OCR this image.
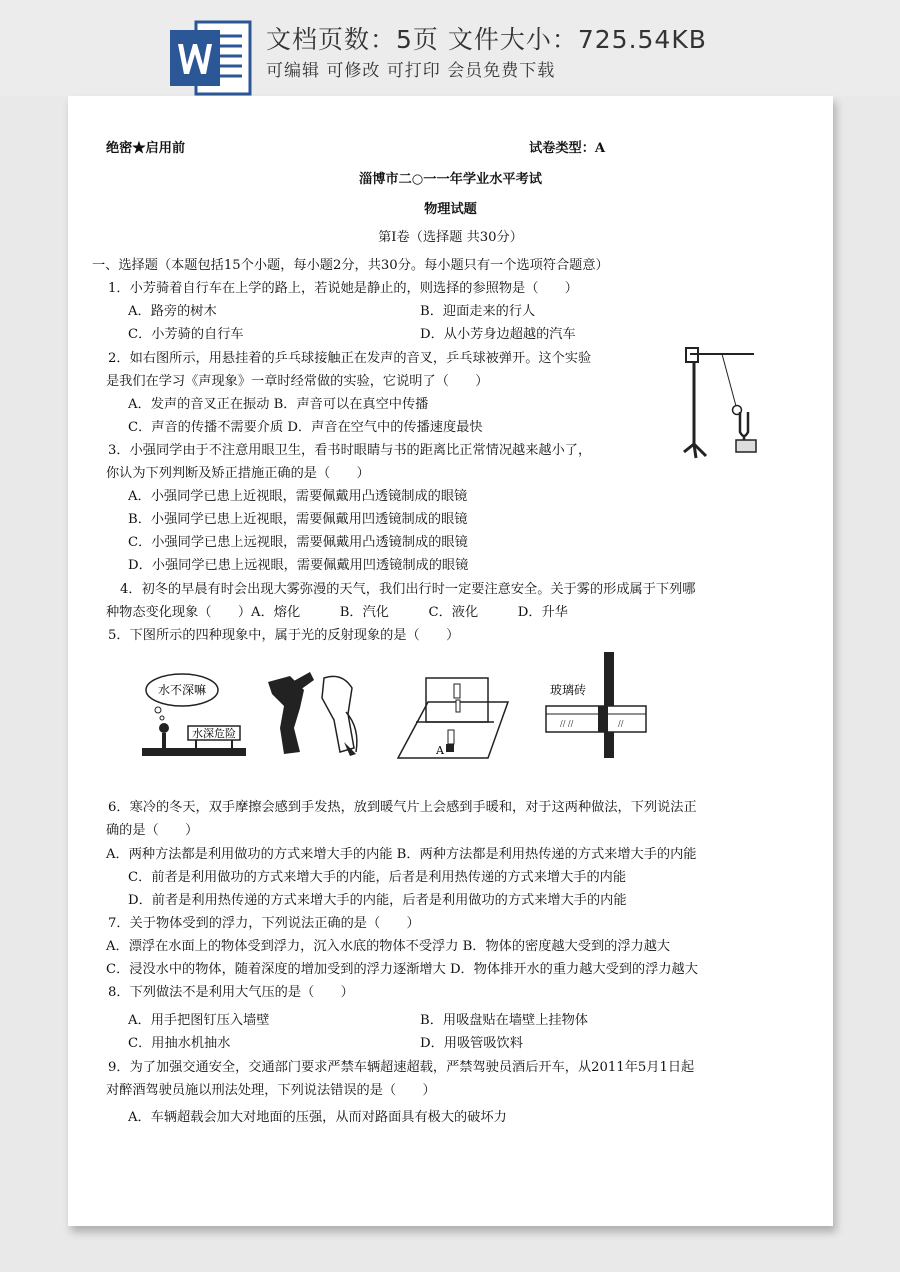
文档页数：5页 文件大小：725.54KB
可编辑 可修改 可打印 会员免费下载
绝密★启用前	试卷类型：A
淄博市二○一一年学业水平考试
物理试题
第Ⅰ卷（选择题 共30分）
一、选择题（本题包括15个小题，每小题2分，共30分。每小题只有一个选项符合题意）
1．小芳骑着自行车在上学的路上，若说她是静止的，则选择的参照物是（　　）
A．路旁的树木	B．迎面走来的行人
C．小芳骑的自行车	D．从小芳身边超越的汽车
2．如右图所示，用悬挂着的乒乓球接触正在发声的音叉，乒乓球被弹开。这个实验
是我们在学习《声现象》一章时经常做的实验，它说明了（　　）
A．发声的音叉正在振动 B．声音可以在真空中传播
C．声音的传播不需要介质 D．声音在空气中的传播速度最快
3．小强同学由于不注意用眼卫生，看书时眼睛与书的距离比正常情况越来越小了，
你认为下列判断及矫正措施正确的是（　　）
A．小强同学已患上近视眼，需要佩戴用凸透镜制成的眼镜
B．小强同学已患上近视眼，需要佩戴用凹透镜制成的眼镜
C．小强同学已患上远视眼，需要佩戴用凸透镜制成的眼镜
D．小强同学已患上远视眼，需要佩戴用凹透镜制成的眼镜
4．初冬的早晨有时会出现大雾弥漫的天气，我们出行时一定要注意安全。关于雾的形成属于下列哪
种物态变化现象（　　）A．熔化　　　B．汽化　　　C．液化　　　D．升华
5．下图所示的四种现象中，属于光的反射现象的是（　　）
水不深嘛
水深危险
A
玻璃砖
// //	//
6．寒冷的冬天，双手摩擦会感到手发热，放到暖气片上会感到手暖和，对于这两种做法，下列说法正
确的是（　　）
A．两种方法都是利用做功的方式来增大手的内能 B．两种方法都是利用热传递的方式来增大手的内能
C．前者是利用做功的方式来增大手的内能，后者是利用热传递的方式来增大手的内能
D．前者是利用热传递的方式来增大手的内能，后者是利用做功的方式来增大手的内能
7．关于物体受到的浮力，下列说法正确的是（　　）
A．漂浮在水面上的物体受到浮力，沉入水底的物体不受浮力 B．物体的密度越大受到的浮力越大
C．浸没水中的物体，随着深度的增加受到的浮力逐渐增大 D．物体排开水的重力越大受到的浮力越大
8．下列做法不是利用大气压的是（　　）
A．用手把图钉压入墙壁	B．用吸盘贴在墙壁上挂物体
C．用抽水机抽水	D．用吸管吸饮料
9．为了加强交通安全，交通部门要求严禁车辆超速超载，严禁驾驶员酒后开车，从2011年5月1日起
对醉酒驾驶员施以刑法处理，下列说法错误的是（　　）
A．车辆超载会加大对地面的压强，从而对路面具有极大的破坏力
